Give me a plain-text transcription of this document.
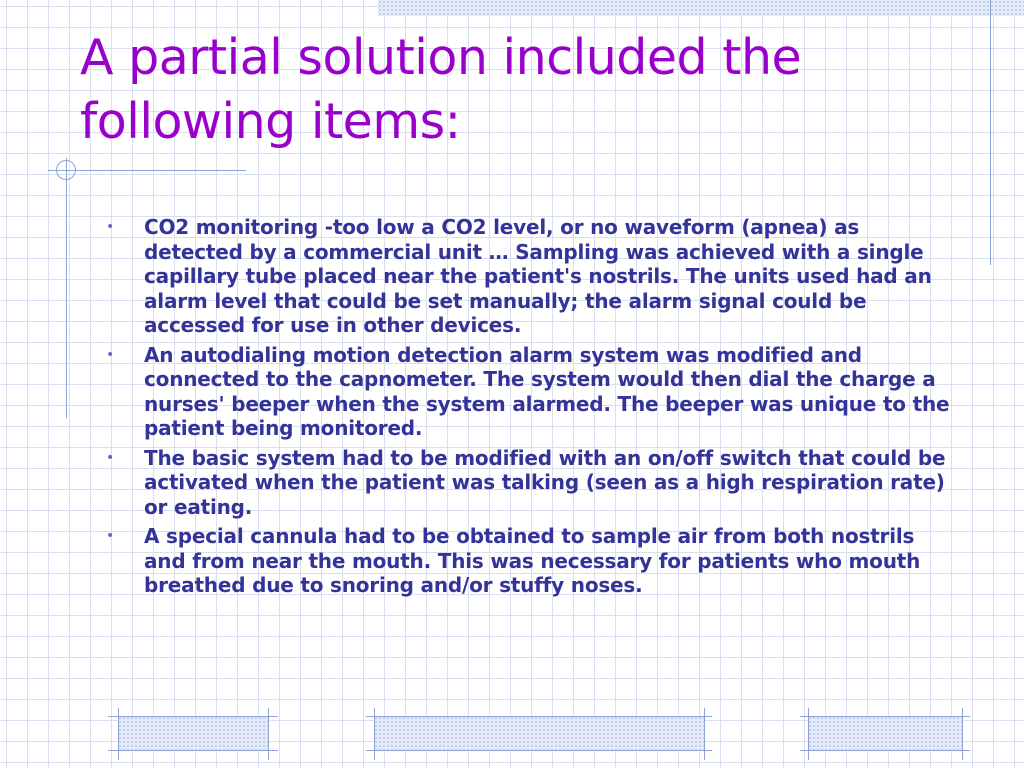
A partial solution included the following items:
• CO2 monitoring -too low a CO2 level, or no waveform (apnea) as detected by a commercial unit … Sampling was achieved with a single capillary tube placed near the patient's nostrils. The units used had an alarm level that could be set manually; the alarm signal could be accessed for use in other devices.
• An autodialing motion detection alarm system was modified and connected to the capnometer. The system would then dial the charge a nurses' beeper when the system alarmed. The beeper was unique to the patient being monitored.
• The basic system had to be modified with an on/off switch that could be activated when the patient was talking (seen as a high respiration rate) or eating.
• A special cannula had to be obtained to sample air from both nostrils and from near the mouth. This was necessary for patients who mouth breathed due to snoring and/or stuffy noses.
